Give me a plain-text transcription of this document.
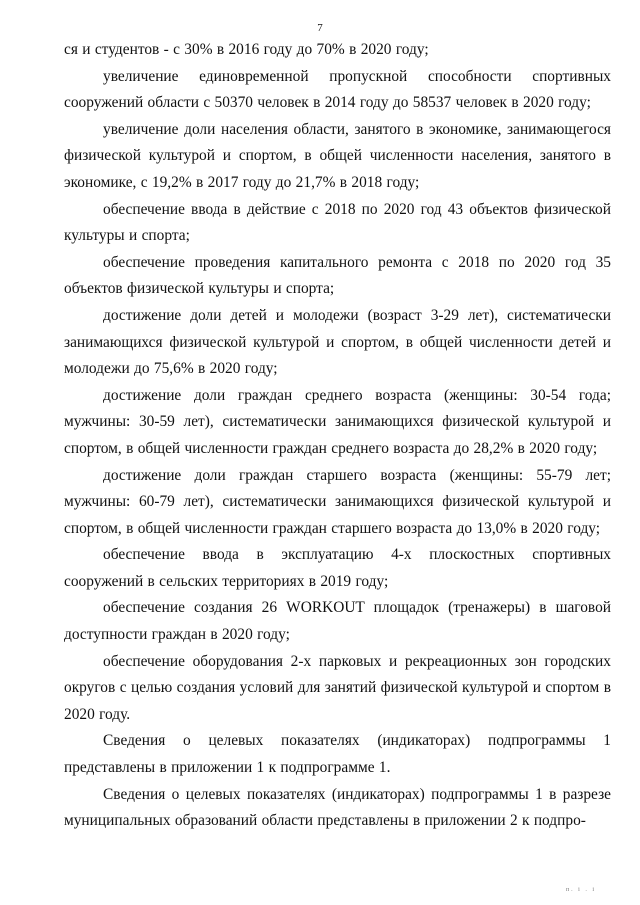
7

ся и студентов - с 30% в 2016 году до 70% в 2020 году;

увеличение единовременной пропускной способности спортивных сооружений области с 50370 человек в 2014 году до 58537 человек в 2020 году;

увеличение доли населения области, занятого в экономике, занимающегося физической культурой и спортом, в общей численности населения, занятого в экономике, с 19,2% в 2017 году до 21,7% в 2018 году;

обеспечение ввода в действие с 2018 по 2020 год 43 объектов физической культуры и спорта;

обеспечение проведения капитального ремонта с 2018 по 2020 год 35 объектов физической культуры и спорта;

достижение доли детей и молодежи (возраст 3-29 лет), систематически занимающихся физической культурой и спортом, в общей численности детей и молодежи до 75,6% в 2020 году;

достижение доли граждан среднего возраста (женщины: 30-54 года; мужчины: 30-59 лет), систематически занимающихся физической культурой и спортом, в общей численности граждан среднего возраста до 28,2% в 2020 году;

достижение доли граждан старшего возраста (женщины: 55-79 лет; мужчины: 60-79 лет), систематически занимающихся физической культурой и спортом, в общей численности граждан старшего возраста до 13,0% в 2020 году;

обеспечение ввода в эксплуатацию 4-х плоскостных спортивных сооружений в сельских территориях в 2019 году;

обеспечение создания 26 WORKOUT площадок (тренажеры) в шаговой доступности граждан в 2020 году;

обеспечение оборудования 2-х парковых и рекреационных зон городских округов с целью создания условий для занятий физической культурой и спортом в 2020 году.

Сведения о целевых показателях (индикаторах) подпрограммы 1 представлены в приложении 1 к подпрограмме 1.

Сведения о целевых показателях (индикаторах) подпрограммы 1 в разрезе муниципальных образований области представлены в приложении 2 к подпро-

п. і . і
